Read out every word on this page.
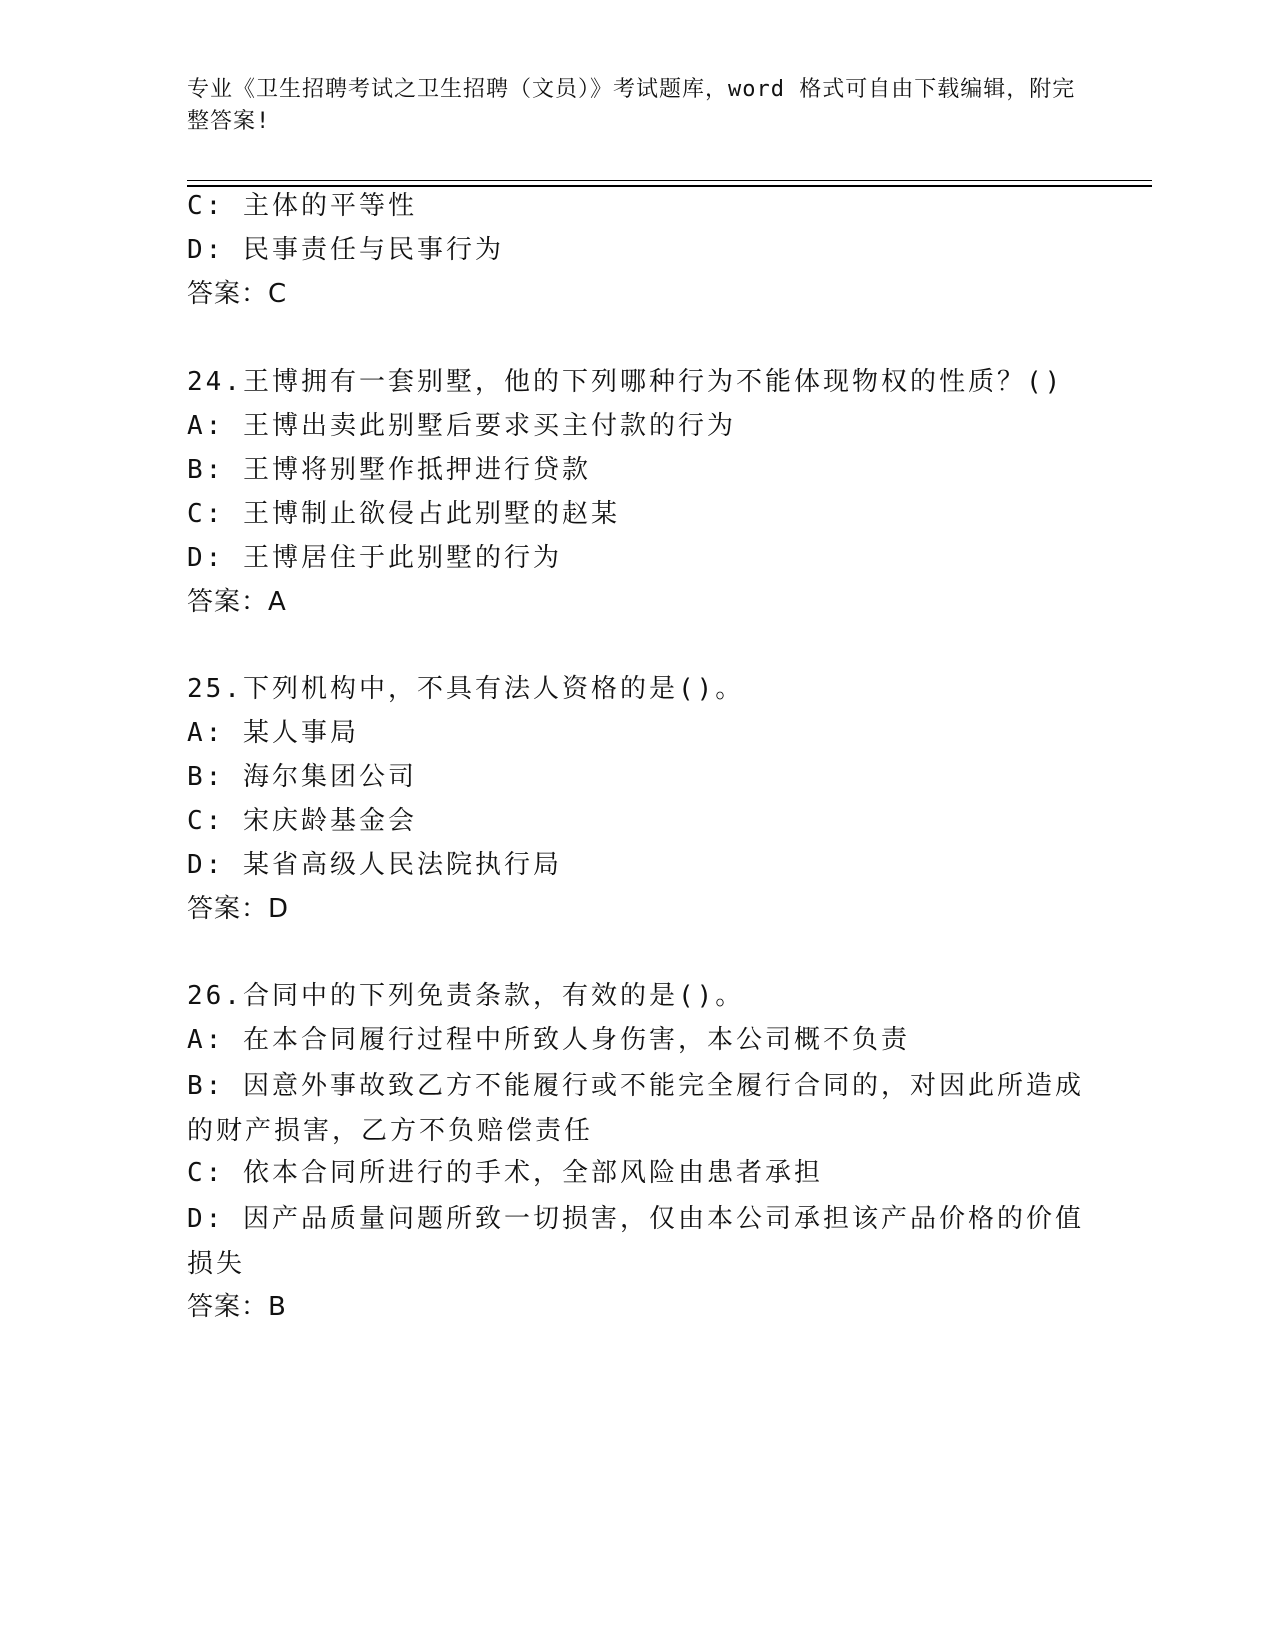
专业《卫生招聘考试之卫生招聘（文员）》考试题库，word 格式可自由下载编辑，附完整答案!
C: 主体的平等性
D: 民事责任与民事行为
答案：C
24.王博拥有一套别墅，他的下列哪种行为不能体现物权的性质？()
A: 王博出卖此别墅后要求买主付款的行为
B: 王博将别墅作抵押进行贷款
C: 王博制止欲侵占此别墅的赵某
D: 王博居住于此别墅的行为
答案：A
25.下列机构中，不具有法人资格的是()。
A: 某人事局
B: 海尔集团公司
C: 宋庆龄基金会
D: 某省高级人民法院执行局
答案：D
26.合同中的下列免责条款，有效的是()。
A: 在本合同履行过程中所致人身伤害，本公司概不负责
B: 因意外事故致乙方不能履行或不能完全履行合同的，对因此所造成的财产损害，乙方不负赔偿责任
C: 依本合同所进行的手术，全部风险由患者承担
D: 因产品质量问题所致一切损害，仅由本公司承担该产品价格的价值损失
答案：B
